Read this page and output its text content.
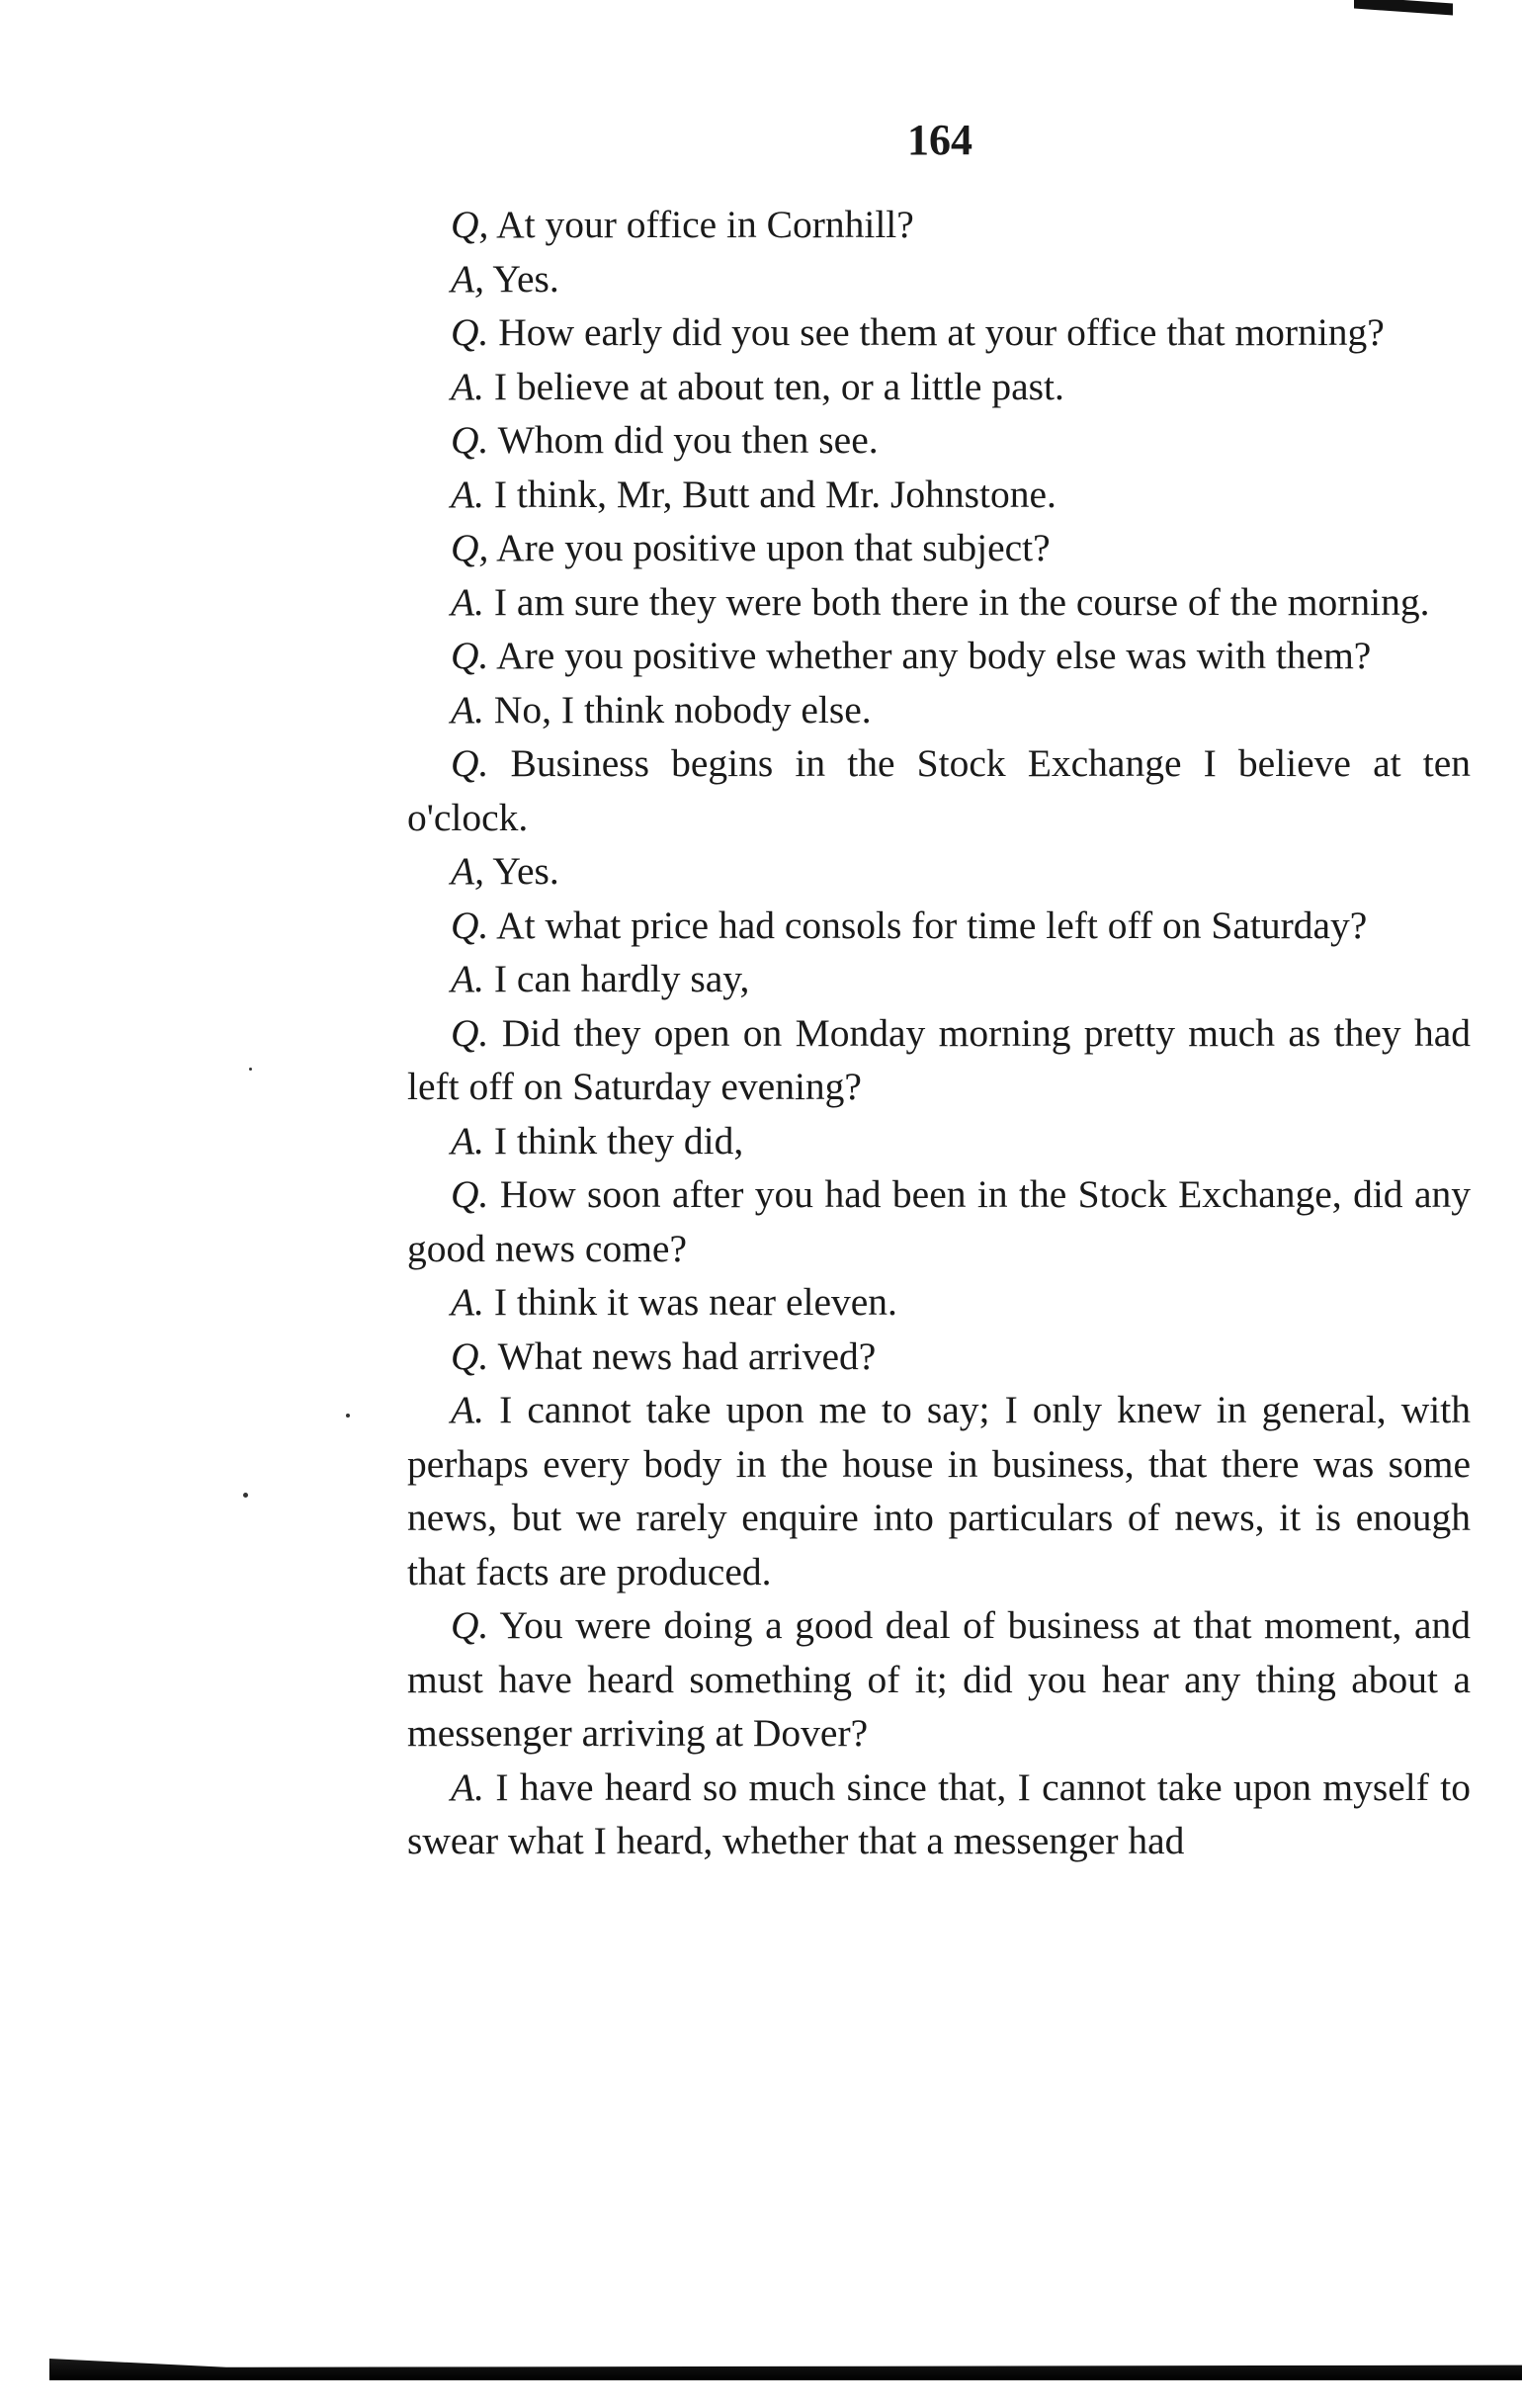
164

Q, At your office in Cornhill?

A, Yes.

Q. How early did you see them at your office that morning?

A. I believe at about ten, or a little past.

Q. Whom did you then see.

A. I think, Mr, Butt and Mr. Johnstone.

Q, Are you positive upon that subject?

A. I am sure they were both there in the course of the morning.

Q. Are you positive whether any body else was with them?

A. No, I think nobody else.

Q. Business begins in the Stock Exchange I believe at ten o'clock.

A, Yes.

Q. At what price had consols for time left off on Saturday?

A. I can hardly say,

Q. Did they open on Monday morning pretty much as they had left off on Saturday evening?

A. I think they did,

Q. How soon after you had been in the Stock Exchange, did any good news come?

A. I think it was near eleven.

Q. What news had arrived?

A. I cannot take upon me to say; I only knew in general, with perhaps every body in the house in business, that there was some news, but we rarely enquire into particulars of news, it is enough that facts are produced.

Q. You were doing a good deal of business at that moment, and must have heard something of it; did you hear any thing about a messenger arriving at Dover?

A. I have heard so much since that, I cannot take upon myself to swear what I heard, whether that a messenger had
